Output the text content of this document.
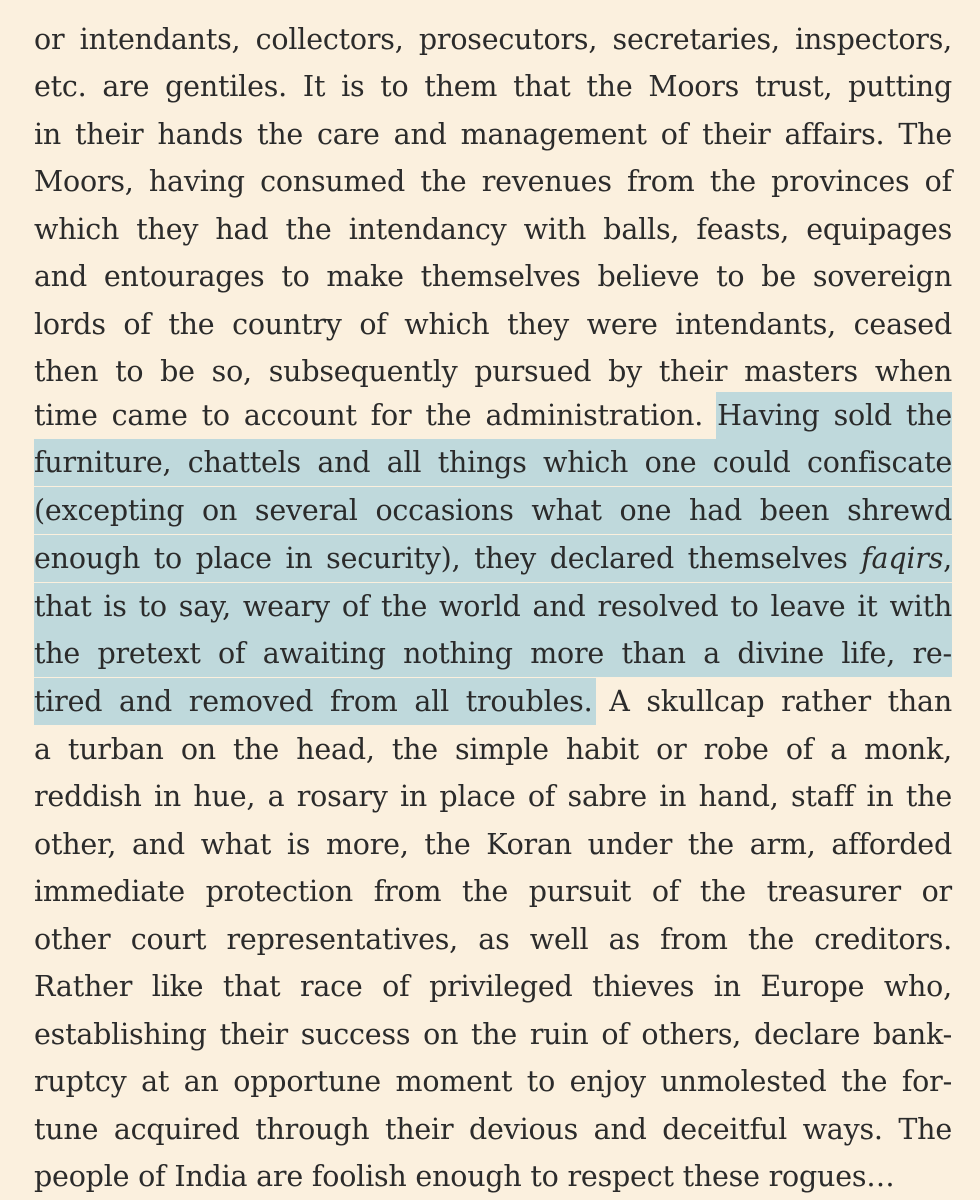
or intendants, collectors, prosecutors, secretaries, inspectors,
etc. are gentiles. It is to them that the Moors trust, putting
in their hands the care and management of their affairs. The
Moors, having consumed the revenues from the provinces of
which they had the intendancy with balls, feasts, equipages
and entourages to make themselves believe to be sovereign
lords of the country of which they were intendants, ceased
then to be so, subsequently pursued by their masters when
time came to account for the administration. Having sold the
furniture, chattels and all things which one could confiscate
(excepting on several occasions what one had been shrewd
enough to place in security), they declared themselves faqirs,
that is to say, weary of the world and resolved to leave it with
the pretext of awaiting nothing more than a divine life, re-
tired and removed from all troubles. A skullcap rather than
a turban on the head, the simple habit or robe of a monk,
reddish in hue, a rosary in place of sabre in hand, staff in the
other, and what is more, the Koran under the arm, afforded
immediate protection from the pursuit of the treasurer or
other court representatives, as well as from the creditors.
Rather like that race of privileged thieves in Europe who,
establishing their success on the ruin of others, declare bank-
ruptcy at an opportune moment to enjoy unmolested the for-
tune acquired through their devious and deceitful ways. The
people of India are foolish enough to respect these rogues…
